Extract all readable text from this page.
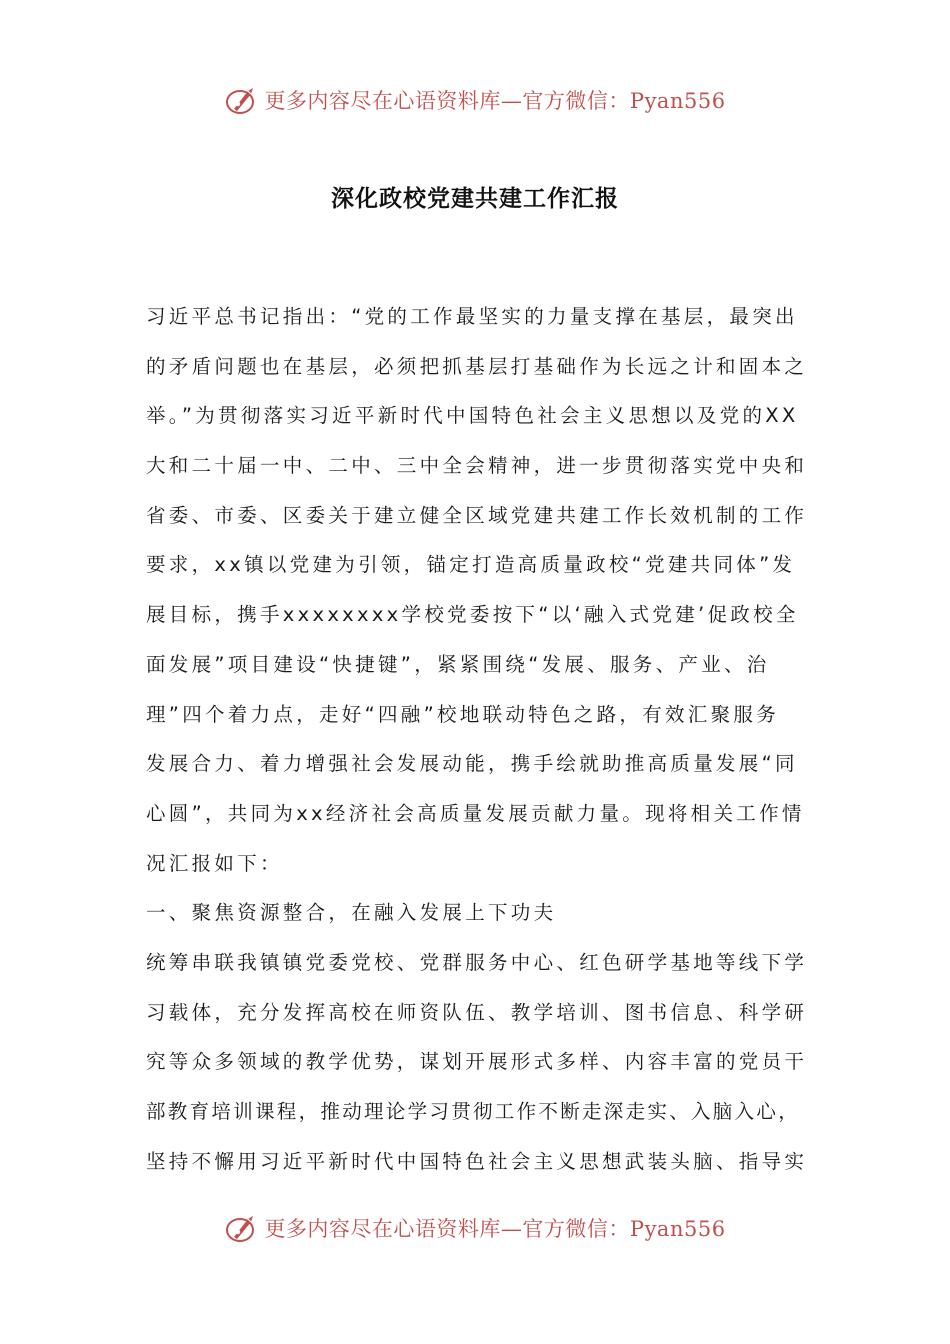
更多内容尽在心语资料库—官方微信：Pyan556
深化政校党建共建工作汇报
习近平总书记指出：“党的工作最坚实的力量支撑在基层，最突出
的矛盾问题也在基层，必须把抓基层打基础作为长远之计和固本之
举。”为贯彻落实习近平新时代中国特色社会主义思想以及党的XX
大和二十届一中、二中、三中全会精神，进一步贯彻落实党中央和
省委、市委、区委关于建立健全区域党建共建工作长效机制的工作
要求，xx镇以党建为引领，锚定打造高质量政校“党建共同体”发
展目标，携手xxxxxxxx学校党委按下“以‘融入式党建’促政校全
面发展”项目建设“快捷键”，紧紧围绕“发展、服务、产业、治
理”四个着力点，走好“四融”校地联动特色之路，有效汇聚服务
发展合力、着力增强社会发展动能，携手绘就助推高质量发展“同
心圆”，共同为xx经济社会高质量发展贡献力量。现将相关工作情
况汇报如下：
一、聚焦资源整合，在融入发展上下功夫
统筹串联我镇镇党委党校、党群服务中心、红色研学基地等线下学
习载体，充分发挥高校在师资队伍、教学培训、图书信息、科学研
究等众多领域的教学优势，谋划开展形式多样、内容丰富的党员干
部教育培训课程，推动理论学习贯彻工作不断走深走实、入脑入心，
坚持不懈用习近平新时代中国特色社会主义思想武装头脑、指导实
更多内容尽在心语资料库—官方微信：Pyan556
